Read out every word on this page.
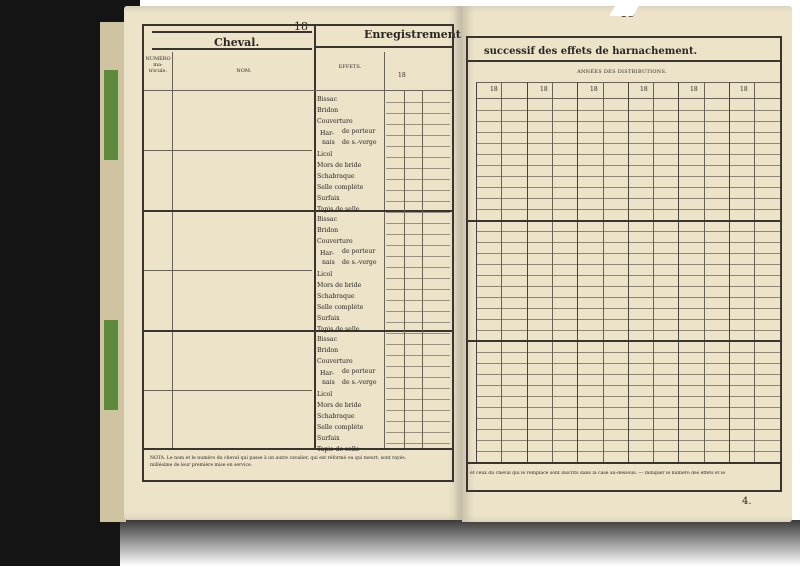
18
Cheval.
Enregistrement
NUMÉRO
ma-
tricule.	NOM.
EFFETS.
18
Bissac
Bridon
Couverture
Har-
nais
de porteur
de s.-verge
Licol
Mors de bride
Schabraque
Selle complète
Surfaix
Tapis de selle
Bissac
Bridon
Couverture
Har-
nais
de porteur
de s.-verge
Licol
Mors de bride
Schabraque
Selle complète
Surfaix
Tapis de selle
Bissac
Bridon
Couverture
Har-
nais
de porteur
de s.-verge
Licol
Mors de bride
Schabraque
Selle complète
Surfaix
Tapis de selle
NOTA. Le nom et le numéro du cheval qui passe à un autre cavalier, qui est réformé ou qui meurt, sont rayés.
millésime de leur première mise en service.
successif des effets de harnachement.
ANNÉES DES DISTRIBUTIONS.
18	18	18	18	18	18
et ceux du cheval qui le remplace sont inscrits dans la case au-dessous. — Indiquer le numéro des effets et le
4.
